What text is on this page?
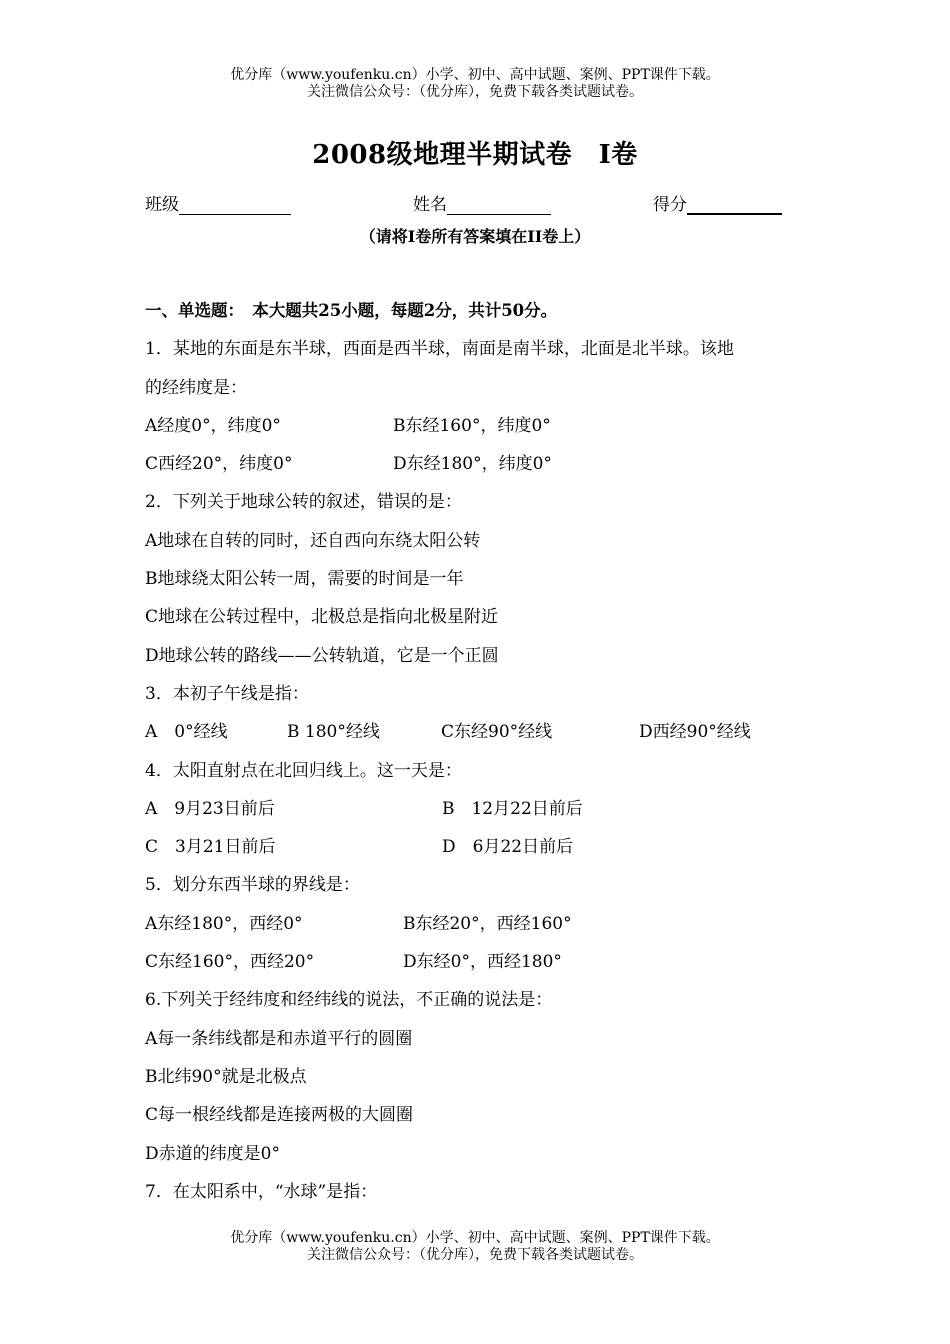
优分库（www.youfenku.cn）小学、初中、高中试题、案例、PPT课件下载。
关注微信公众号：（优分库），免费下载各类试题试卷。
2008级地理半期试卷　Ⅰ卷
班级	姓名	得分
（请将Ⅰ卷所有答案填在II卷上）
一、单选题：　本大题共25小题，每题2分，共计50分。
1．某地的东面是东半球，西面是西半球，南面是南半球，北面是北半球。该地
的经纬度是：
A经度0°，纬度0°	B东经160°，纬度0°
C西经20°，纬度0°	D东经180°，纬度0°
2．下列关于地球公转的叙述，错误的是：
A地球在自转的同时，还自西向东绕太阳公转
B地球绕太阳公转一周，需要的时间是一年
C地球在公转过程中，北极总是指向北极星附近
D地球公转的路线——公转轨道，它是一个正圆
3．本初子午线是指：
A　0°经线	B 180°经线	C东经90°经线	D西经90°经线
4．太阳直射点在北回归线上。这一天是：
A　9月23日前后	B　12月22日前后
C　3月21日前后	D　6月22日前后
5．划分东西半球的界线是：
A东经180°，西经0°	B东经20°，西经160°
C东经160°，西经20°	D东经0°，西经180°
6.下列关于经纬度和经纬线的说法，不正确的说法是：
A每一条纬线都是和赤道平行的圆圈
B北纬90°就是北极点
C每一根经线都是连接两极的大圆圈
D赤道的纬度是0°
7．在太阳系中，“水球”是指：
优分库（www.youfenku.cn）小学、初中、高中试题、案例、PPT课件下载。
关注微信公众号：（优分库），免费下载各类试题试卷。
